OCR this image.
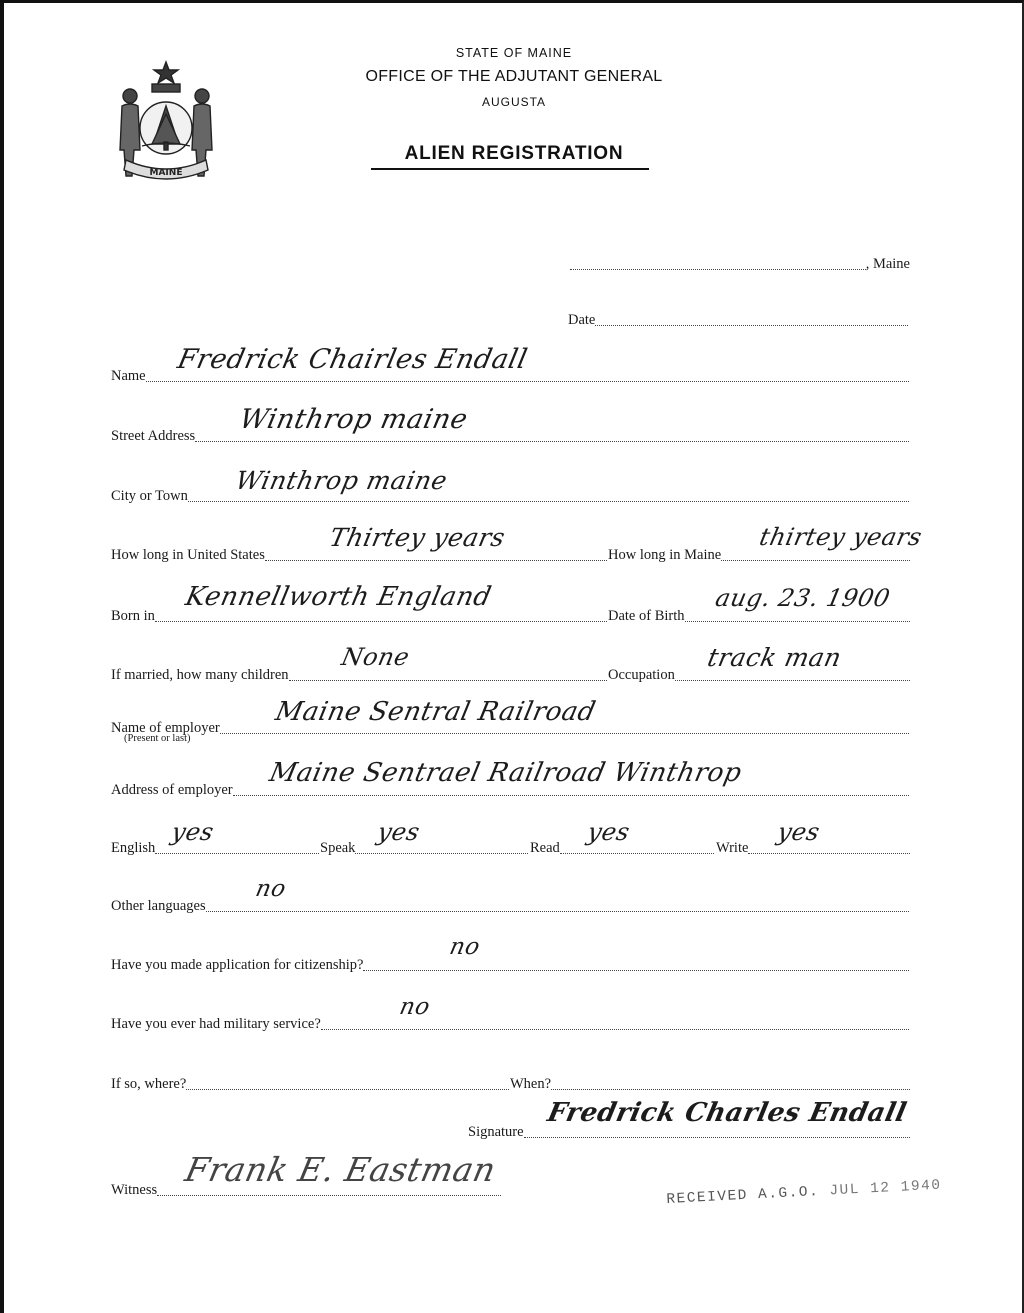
MAINE
STATE OF MAINE
OFFICE OF THE ADJUTANT GENERAL
AUGUSTA
ALIEN REGISTRATION
, Maine
Date
Name
Fredrick Chairles Endall
Street Address
Winthrop maine
City or Town
Winthrop maine
How long in United States
Thirtey years
How long in Maine
thirtey years
Born in
Kennellworth England
Date of Birth
aug. 23. 1900
If married, how many children
None
Occupation
track man
Name of employer
(Present or last)
Maine Sentral Railroad
Address of employer
Maine Sentrael Railroad Winthrop
English
yes
Speak
yes
Read
yes
Write
yes
Other languages
no
Have you made application for citizenship?
no
Have you ever had military service?
no
If so, where?	When?
Signature
Fredrick Charles Endall
Witness
Frank E. Eastman
RECEIVED A.G.O. JUL 12 1940
